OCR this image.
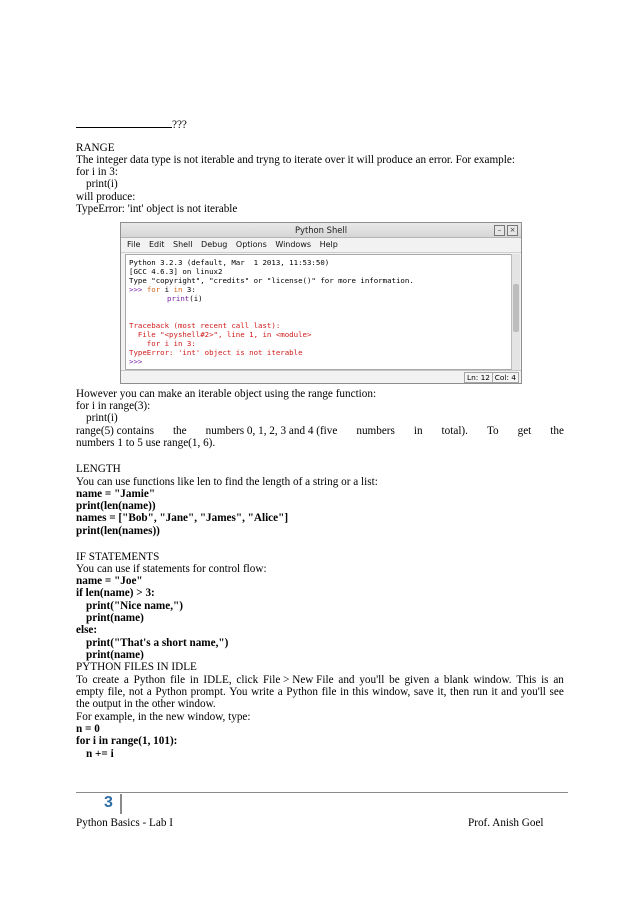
???
RANGE
The integer data type is not iterable and tryng to iterate over it will produce an error. For example:
for i in 3:
print(i)
will produce:
TypeError: 'int' object is not iterable
However you can make an iterable object using the range function:
for i in range(3):
print(i)
range(5) contains the numbers 0, 1, 2, 3 and 4 (five numbers in total). To get the
numbers 1 to 5 use range(1, 6).
LENGTH
You can use functions like len to find the length of a string or a list:
name = "Jamie"
print(len(name))
names = ["Bob", "Jane", "James", "Alice"]
print(len(names))
IF STATEMENTS
You can use if statements for control flow:
name = "Joe"
if len(name) > 3:
print("Nice name,")
print(name)
else:
print("That's a short name,")
print(name)
PYTHON FILES IN IDLE
To create a Python file in IDLE, click File > New File and you'll be given a blank window. This is an
empty file, not a Python prompt. You write a Python file in this window, save it, then run it and you'll see
the output in the other window.
For example, in the new window, type:
n = 0
for i in range(1, 101):
n += i
Python Shell	–	×
File Edit Shell Debug Options Windows Help
Python 3.2.3 (default, Mar  1 2013, 11:53:50)
[GCC 4.6.3] on linux2
Type "copyright", "credits" or "license()" for more information.
>>> for i in 3:
print(i)
Traceback (most recent call last):
File "<pyshell#2>", line 1, in <module>
for i in 3:
TypeError: 'int' object is not iterable
>>>
Ln: 12 Col: 4
3
Python Basics - Lab I	Prof. Anish Goel
